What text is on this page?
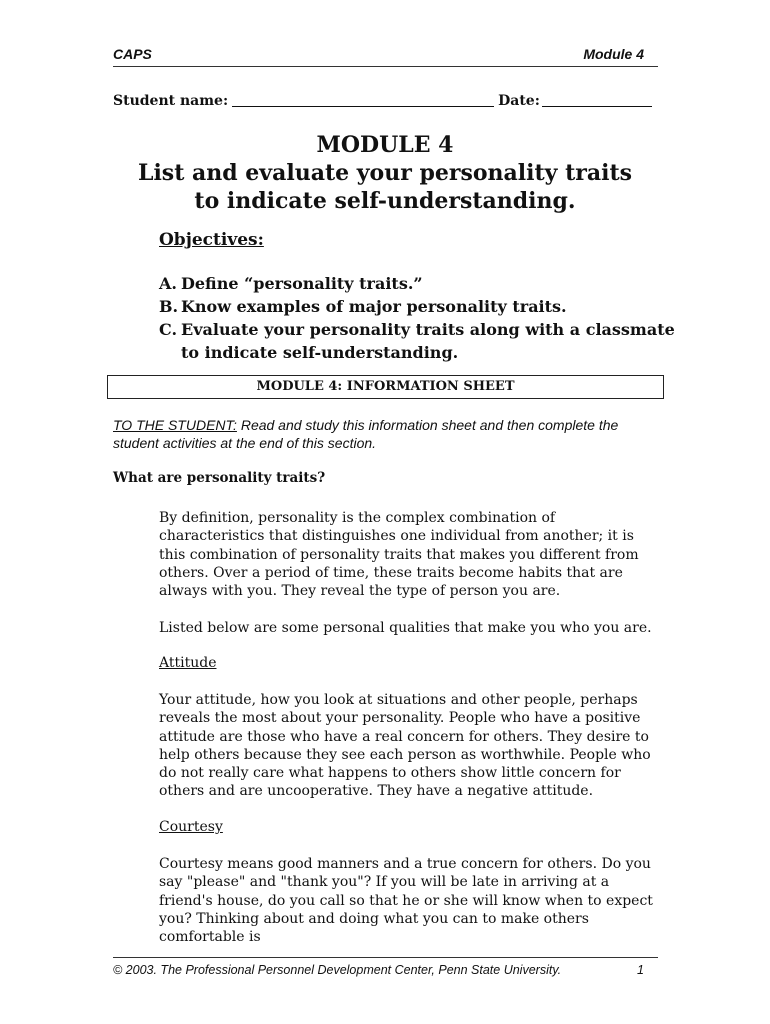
CAPS	Module 4
Student name:	Date:
MODULE 4
List and evaluate your personality traits
to indicate self-understanding.
Objectives:
A. Define “personality traits.”
B. Know examples of major personality traits.
C. Evaluate your personality traits along with a classmate to indicate self-understanding.
MODULE 4: INFORMATION SHEET
TO THE STUDENT: Read and study this information sheet and then complete the student activities at the end of this section.
What are personality traits?
By definition, personality is the complex combination of characteristics that distinguishes one individual from another; it is this combination of personality traits that makes you different from others. Over a period of time, these traits become habits that are always with you. They reveal the type of person you are.
Listed below are some personal qualities that make you who you are.
Attitude
Your attitude, how you look at situations and other people, perhaps reveals the most about your personality. People who have a positive attitude are those who have a real concern for others. They desire to help others because they see each person as worthwhile. People who do not really care what happens to others show little concern for others and are uncooperative. They have a negative attitude.
Courtesy
Courtesy means good manners and a true concern for others. Do you say "please" and "thank you"? If you will be late in arriving at a friend's house, do you call so that he or she will know when to expect you? Thinking about and doing what you can to make others comfortable is
© 2003. The Professional Personnel Development Center, Penn State University.	1
